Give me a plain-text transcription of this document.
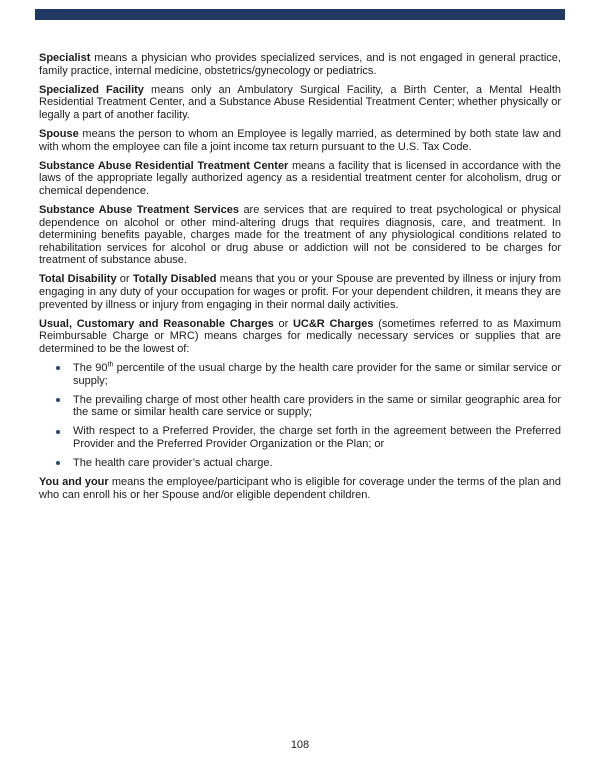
Specialist means a physician who provides specialized services, and is not engaged in general practice, family practice, internal medicine, obstetrics/gynecology or pediatrics.

Specialized Facility means only an Ambulatory Surgical Facility, a Birth Center, a Mental Health Residential Treatment Center, and a Substance Abuse Residential Treatment Center; whether physically or legally a part of another facility.

Spouse means the person to whom an Employee is legally married, as determined by both state law and with whom the employee can file a joint income tax return pursuant to the U.S. Tax Code.

Substance Abuse Residential Treatment Center means a facility that is licensed in accordance with the laws of the appropriate legally authorized agency as a residential treatment center for alcoholism, drug or chemical dependence.

Substance Abuse Treatment Services are services that are required to treat psychological or physical dependence on alcohol or other mind-altering drugs that requires diagnosis, care, and treatment. In determining benefits payable, charges made for the treatment of any physiological conditions related to rehabilitation services for alcohol or drug abuse or addiction will not be considered to be charges for treatment of substance abuse.

Total Disability or Totally Disabled means that you or your Spouse are prevented by illness or injury from engaging in any duty of your occupation for wages or profit. For your dependent children, it means they are prevented by illness or injury from engaging in their normal daily activities.

Usual, Customary and Reasonable Charges or UC&R Charges (sometimes referred to as Maximum Reimbursable Charge or MRC) means charges for medically necessary services or supplies that are determined to be the lowest of:

The 90th percentile of the usual charge by the health care provider for the same or similar service or supply;
The prevailing charge of most other health care providers in the same or similar geographic area for the same or similar health care service or supply;
With respect to a Preferred Provider, the charge set forth in the agreement between the Preferred Provider and the Preferred Provider Organization or the Plan; or
The health care provider’s actual charge.

You and your means the employee/participant who is eligible for coverage under the terms of the plan and who can enroll his or her Spouse and/or eligible dependent children.

108
